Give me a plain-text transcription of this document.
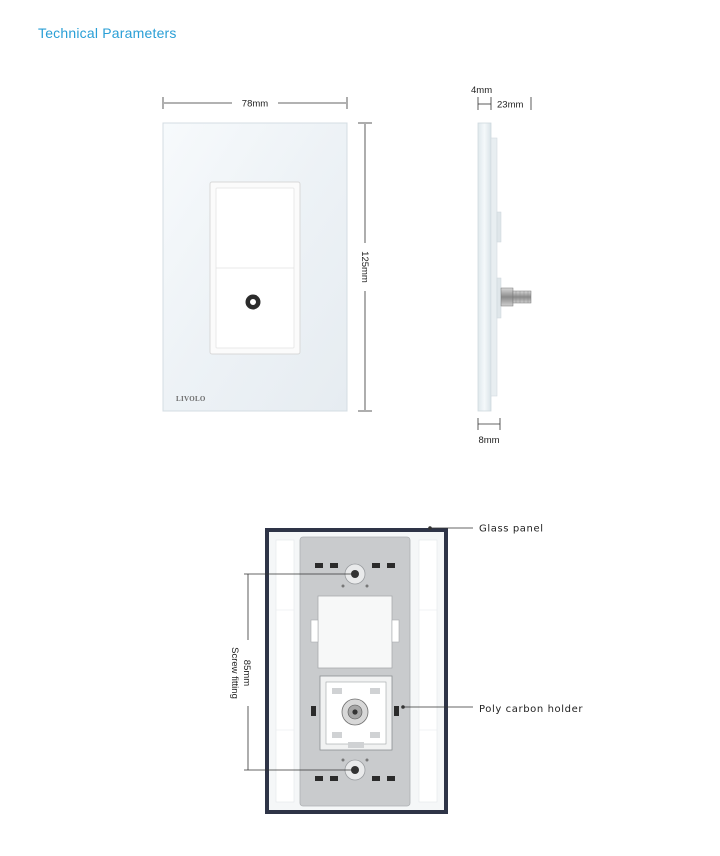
Technical Parameters
LIVOLO
78mm
125mm
4mm
23mm
8mm
85mm
Screw fitting
Glass panel
Poly carbon holder
